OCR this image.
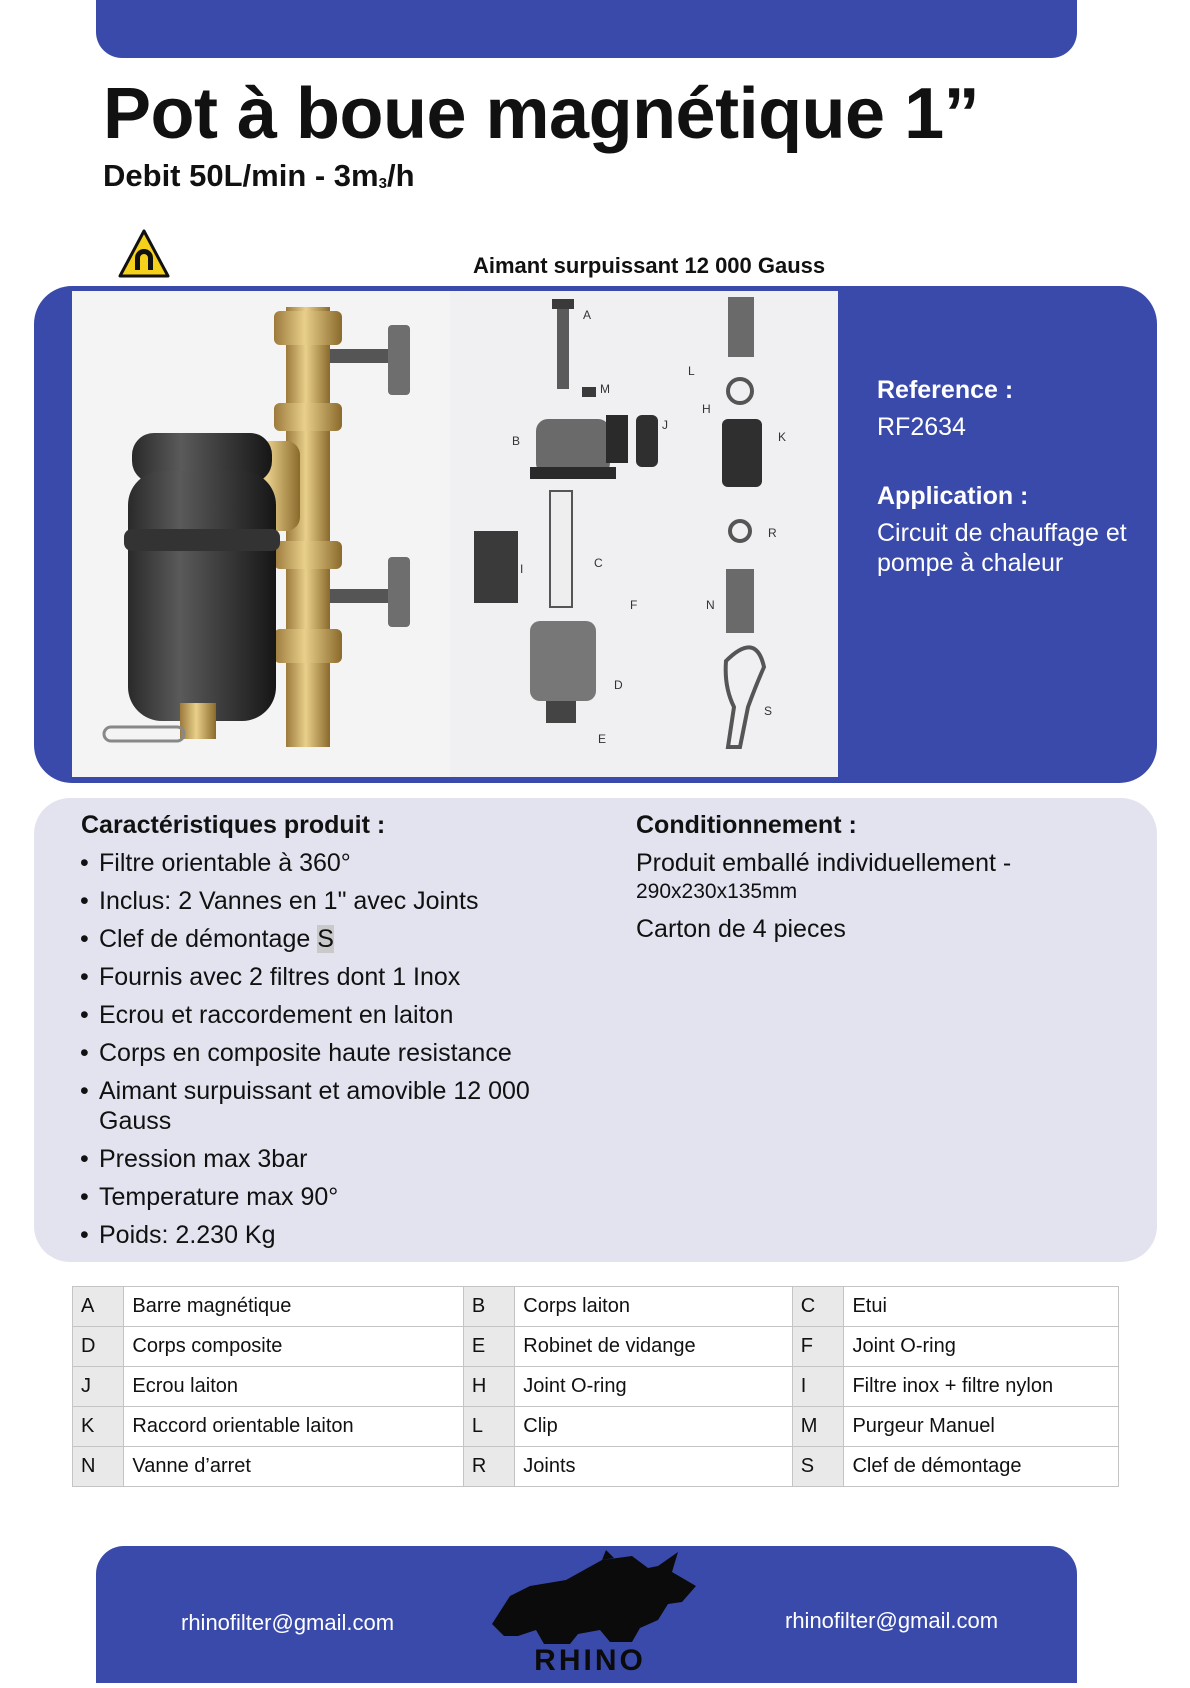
Pot à boue magnétique 1”
Debit $50L/\min - 3m_3/h$
Aimant surpuissant 12 000 Gauss
A
M
L
B
J
H
K
I	C
F	N
R
D
E
S
Reference :
RF2634
Application :
Circuit de chauffage et
pompe à chaleur
Caractéristiques produit :
• Filtre orientable à 360°
• Inclus: 2 Vannes en 1" avec Joints
• Clef de démontage S
• Fournis avec 2 filtres dont 1 Inox
• Ecrou et raccordement en laiton
• Corps en composite haute resistance
• Aimant surpuissant et amovible 12 000 Gauss
• Pression max 3bar
• Temperature max 90°
• Poids: 2.230 Kg
Conditionnement :
Produit emballé individuellement -
290x230x135mm
Carton de 4 pieces
A	Barre magnétique	B	Corps laiton	C	Etui
D	Corps composite	E	Robinet de vidange	F	Joint O-ring
J	Ecrou laiton	H	Joint O-ring	I	Filtre inox + filtre nylon
K	Raccord orientable laiton	L	Clip	M	Purgeur Manuel
N	Vanne d’arret	R	Joints	S	Clef de démontage
rhinofilter@gmail.com	rhinofilter@gmail.com
RHINO
